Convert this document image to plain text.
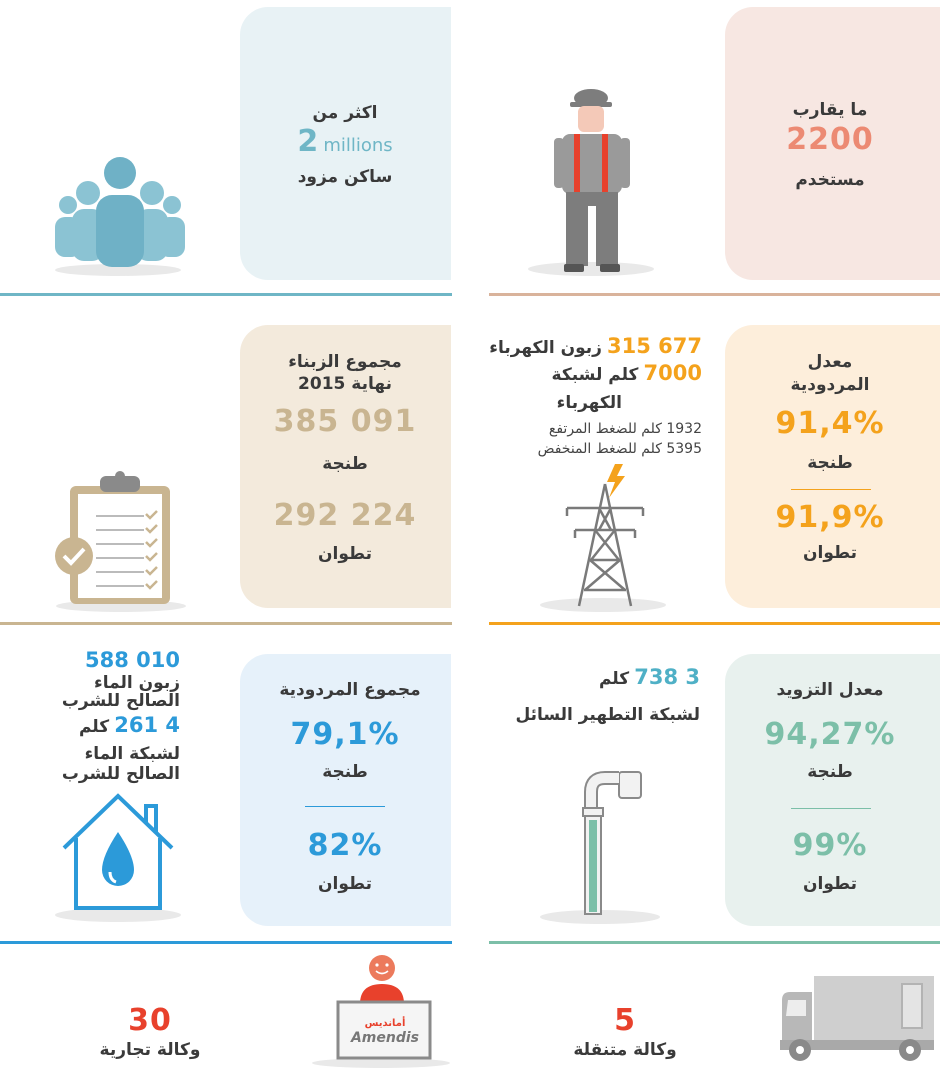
ما يقارب
2200
مستخدم
اكثر من
2 millions
ساكن مزود
معدل
المردودية
91,4%
طنجة
91,9%
تطوان
677 315 زبون الكهرباء
7000 كلم لشبكة
الكهرباء
1932 كلم للضغط المرتفع
5395 كلم للضغط المنخفض
مجموع الزبناء
نهاية 2015
385 091
طنجة
292 224
تطوان
معدل التزويد
94,27%
طنجة
99%
تطوان
3 738 كلم
لشبكة التطهير السائل
مجموع المردودية
79,1%
طنجة
82%
تطوان
588 010
زبون الماء
الصالح للشرب
4 261 كلم
لشبكة الماء
الصالح للشرب
5
وكالة متنقلة
30
وكالة تجارية
أمانديس
Amendis
